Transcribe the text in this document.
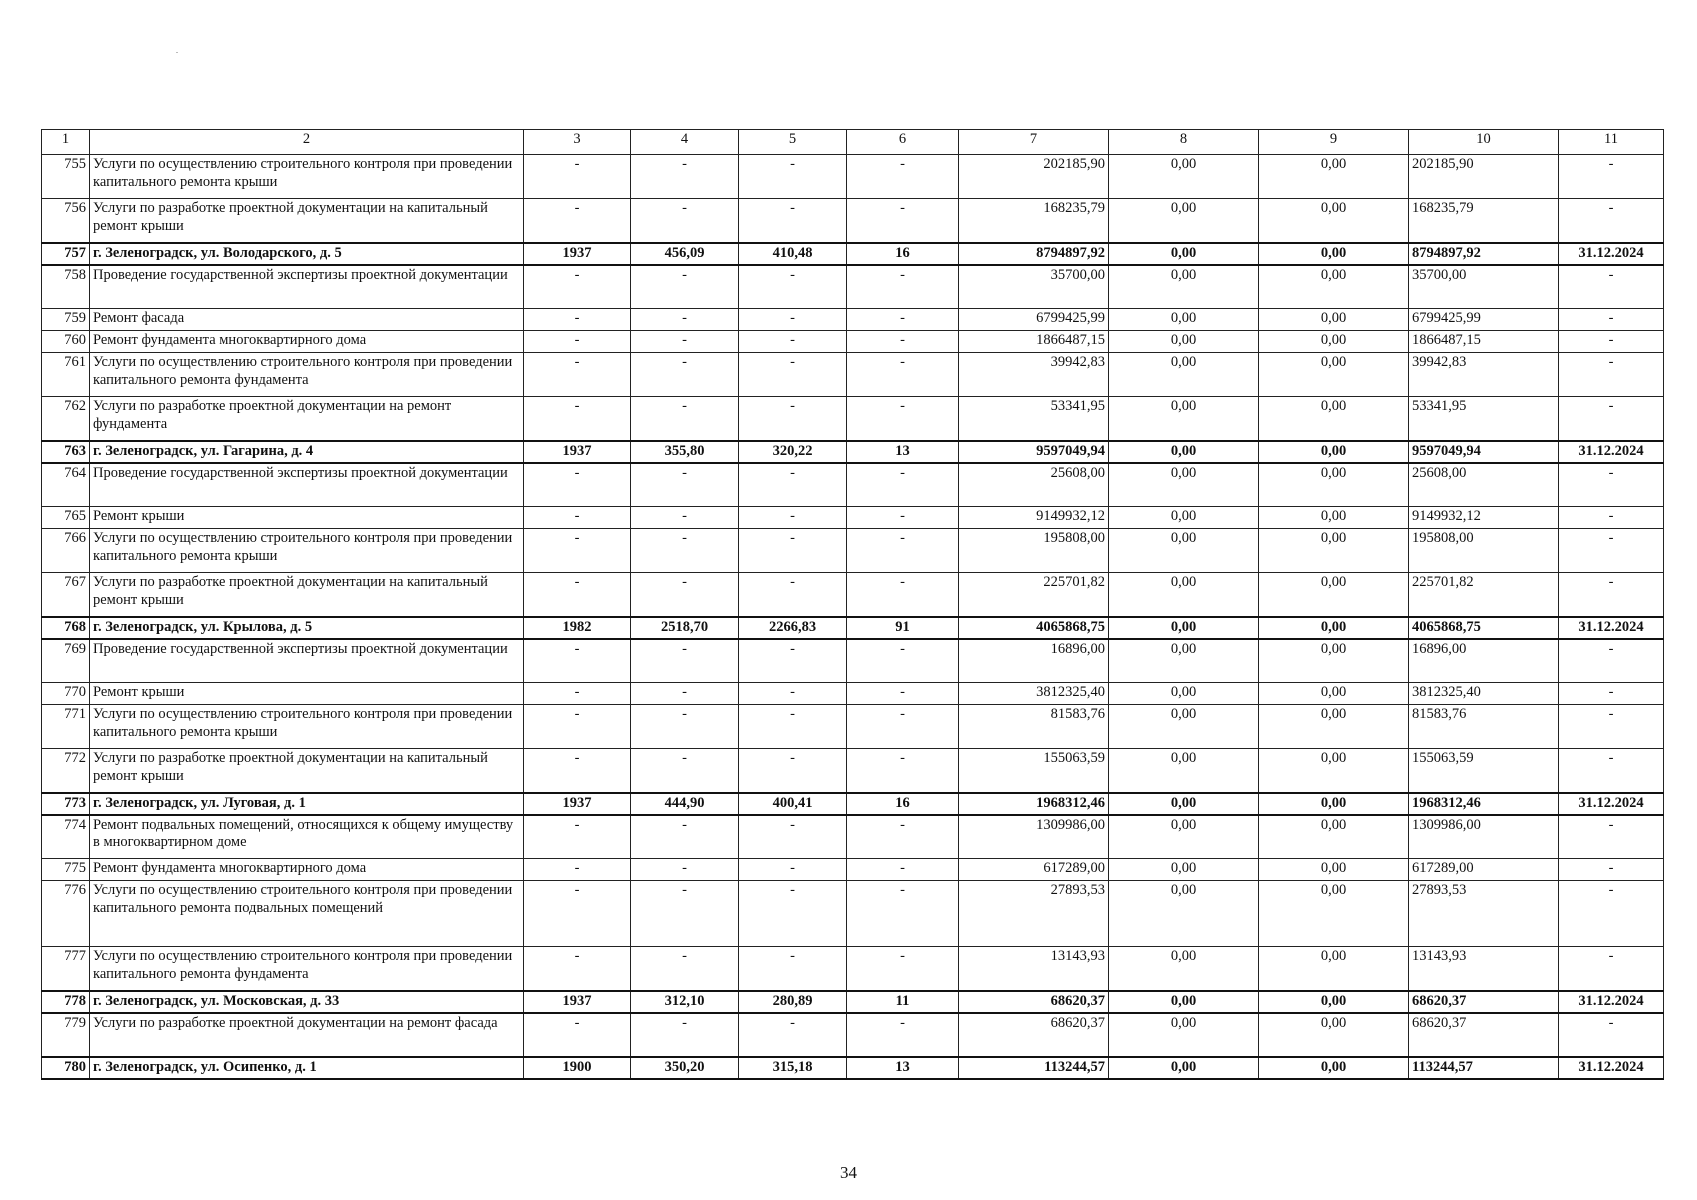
1	2	3	4	5	6	7	8	9	10	11
755	Услуги по осуществлению строительного контроля при проведении капитального ремонта крыши	-	-	-	-	202185,90	0,00	0,00	202185,90	-
756	Услуги по разработке проектной документации на капитальный ремонт крыши	-	-	-	-	168235,79	0,00	0,00	168235,79	-
757	г. Зеленоградск, ул. Володарского, д. 5	1937	456,09	410,48	16	8794897,92	0,00	0,00	8794897,92	31.12.2024
758	Проведение государственной экспертизы проектной документации	-	-	-	-	35700,00	0,00	0,00	35700,00	-
759	Ремонт фасада	-	-	-	-	6799425,99	0,00	0,00	6799425,99	-
760	Ремонт фундамента многоквартирного дома	-	-	-	-	1866487,15	0,00	0,00	1866487,15	-
761	Услуги по осуществлению строительного контроля при проведении капитального ремонта фундамента	-	-	-	-	39942,83	0,00	0,00	39942,83	-
762	Услуги по разработке проектной документации на ремонт фундамента	-	-	-	-	53341,95	0,00	0,00	53341,95	-
763	г. Зеленоградск, ул. Гагарина, д. 4	1937	355,80	320,22	13	9597049,94	0,00	0,00	9597049,94	31.12.2024
764	Проведение государственной экспертизы проектной документации	-	-	-	-	25608,00	0,00	0,00	25608,00	-
765	Ремонт крыши	-	-	-	-	9149932,12	0,00	0,00	9149932,12	-
766	Услуги по осуществлению строительного контроля при проведении капитального ремонта крыши	-	-	-	-	195808,00	0,00	0,00	195808,00	-
767	Услуги по разработке проектной документации на капитальный ремонт крыши	-	-	-	-	225701,82	0,00	0,00	225701,82	-
768	г. Зеленоградск, ул. Крылова, д. 5	1982	2518,70	2266,83	91	4065868,75	0,00	0,00	4065868,75	31.12.2024
769	Проведение государственной экспертизы проектной документации	-	-	-	-	16896,00	0,00	0,00	16896,00	-
770	Ремонт крыши	-	-	-	-	3812325,40	0,00	0,00	3812325,40	-
771	Услуги по осуществлению строительного контроля при проведении капитального ремонта крыши	-	-	-	-	81583,76	0,00	0,00	81583,76	-
772	Услуги по разработке проектной документации на капитальный ремонт крыши	-	-	-	-	155063,59	0,00	0,00	155063,59	-
773	г. Зеленоградск, ул. Луговая, д. 1	1937	444,90	400,41	16	1968312,46	0,00	0,00	1968312,46	31.12.2024
774	Ремонт подвальных помещений, относящихся к общему имуществу в многоквартирном доме	-	-	-	-	1309986,00	0,00	0,00	1309986,00	-
775	Ремонт фундамента многоквартирного дома	-	-	-	-	617289,00	0,00	0,00	617289,00	-
776	Услуги по осуществлению строительного контроля при проведении капитального ремонта подвальных помещений	-	-	-	-	27893,53	0,00	0,00	27893,53	-
777	Услуги по осуществлению строительного контроля при проведении капитального ремонта фундамента	-	-	-	-	13143,93	0,00	0,00	13143,93	-
778	г. Зеленоградск, ул. Московская, д. 33	1937	312,10	280,89	11	68620,37	0,00	0,00	68620,37	31.12.2024
779	Услуги по разработке проектной документации на ремонт фасада	-	-	-	-	68620,37	0,00	0,00	68620,37	-
780	г. Зеленоградск, ул. Осипенко, д. 1	1900	350,20	315,18	13	113244,57	0,00	0,00	113244,57	31.12.2024
34
